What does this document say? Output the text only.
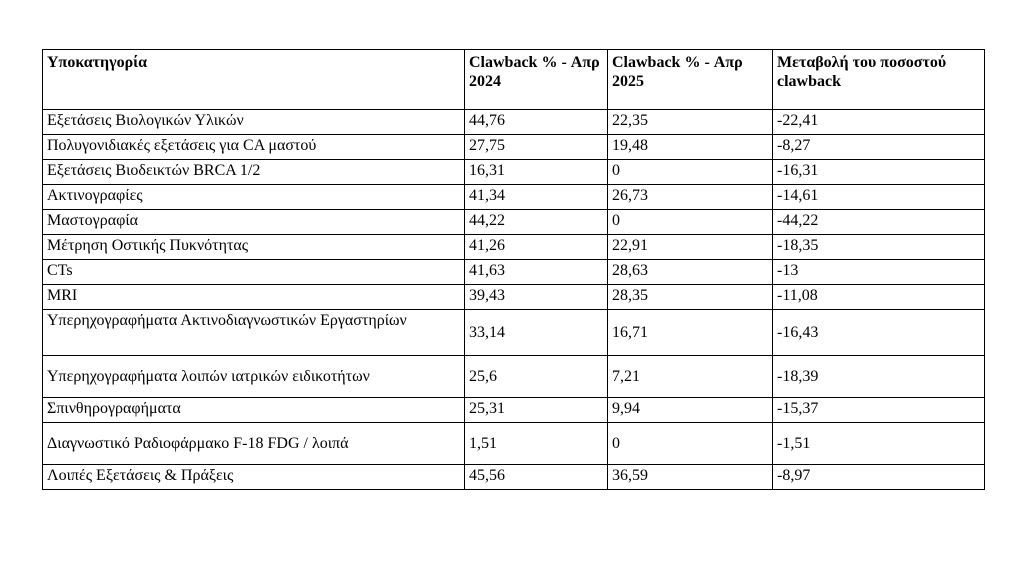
Υποκατηγορία	Clawback % - Απρ 2024	Clawback % - Απρ 2025	Μεταβολή του ποσοστού clawback
Εξετάσεις Βιολογικών Υλικών	44,76	22,35	-22,41
Πολυγονιδιακές εξετάσεις για CA μαστού	27,75	19,48	-8,27
Εξετάσεις Βιοδεικτών BRCA 1/2	16,31	0	-16,31
Ακτινογραφίες	41,34	26,73	-14,61
Μαστογραφία	44,22	0	-44,22
Μέτρηση Οστικής Πυκνότητας	41,26	22,91	-18,35
CTs	41,63	28,63	-13
MRI	39,43	28,35	-11,08
Υπερηχογραφήματα Ακτινοδιαγνωστικών Εργαστηρίων	33,14	16,71	-16,43
Υπερηχογραφήματα λοιπών ιατρικών ειδικοτήτων	25,6	7,21	-18,39
Σπινθηρογραφήματα	25,31	9,94	-15,37
Διαγνωστικό Ραδιοφάρμακο F-18 FDG / λοιπά	1,51	0	-1,51
Λοιπές Εξετάσεις & Πράξεις	45,56	36,59	-8,97
